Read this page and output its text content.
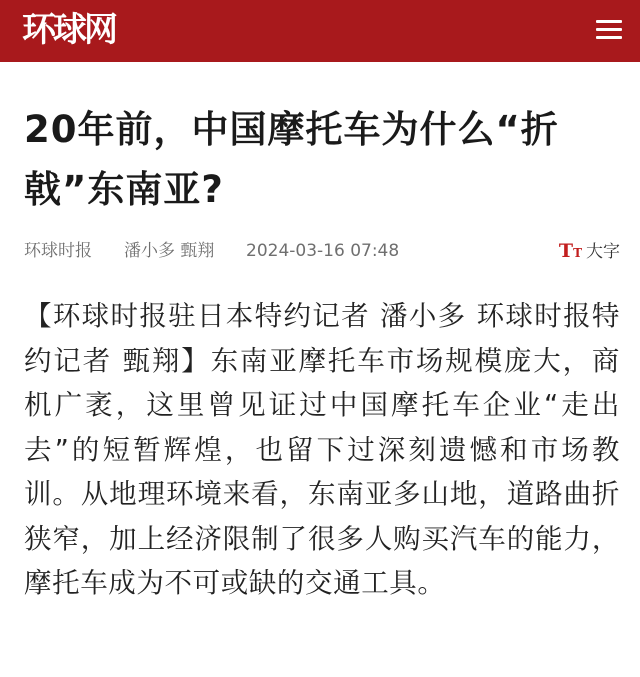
环球网
20年前，中国摩托车为什么“折戟”东南亚?
环球时报 潘小多 甄翔 2024-03-16 07:48	TT 大字

【环球时报驻日本特约记者 潘小多 环球时报特约记者 甄翔】东南亚摩托车市场规模庞大，商机广袤，这里曾见证过中国摩托车企业“走出去”的短暂辉煌，也留下过深刻遗憾和市场教训。从地理环境来看，东南亚多山地，道路曲折狭窄，加上经济限制了很多人购买汽车的能力，摩托车成为不可或缺的交通工具。
